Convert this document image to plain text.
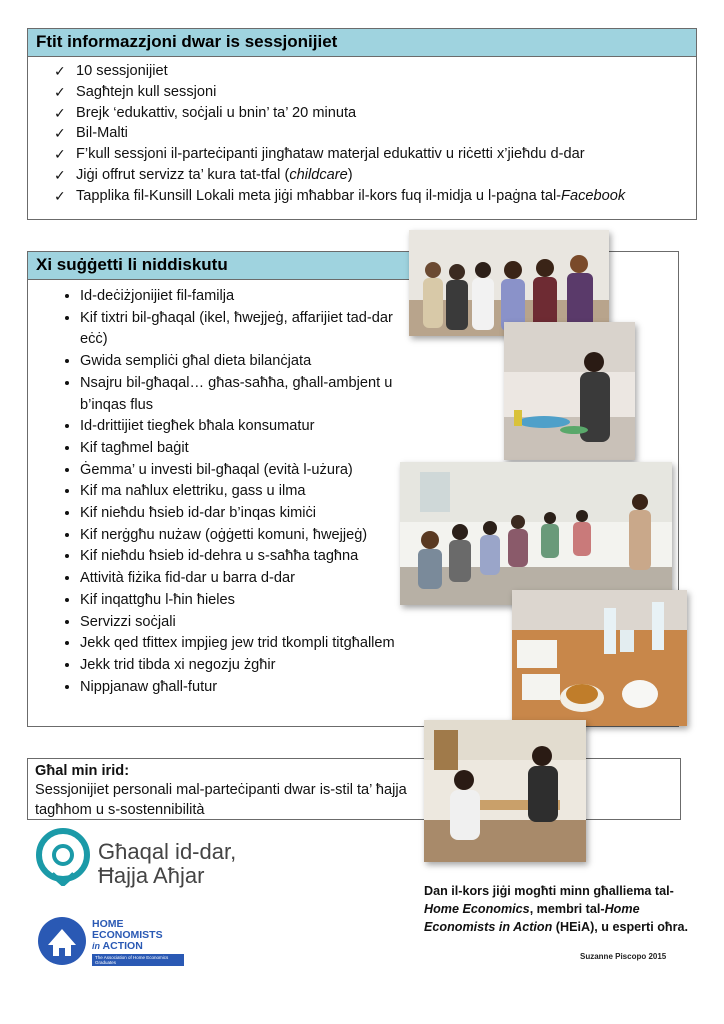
Ftit informazzjoni dwar is sessjonijiet
✓ 10 sessjonijiet
✓ Sagħtejn kull sessjoni
✓ Brejk ‘edukattiv, soċjali u bnin’ ta’ 20 minuta
✓ Bil-Malti
✓ F’kull sessjoni il-parteċipanti jingħataw materjal edukattiv u riċetti x’jieħdu d-dar
✓ Jiġi offrut servizz ta’ kura tat-tfal (childcare)
✓ Tapplika fil-Kunsill Lokali meta jiġi mħabbar il-kors fuq il-midja u l-paġna tal-Facebook
Xi suġġetti li niddiskutu
• Id-deċiżjonijiet fil-familja
• Kif tixtri bil-għaqal (ikel, ħwejjeġ, affarijiet tad-dar eċċ)
• Gwida sempliċi għal dieta bilanċjata
• Nsajru bil-għaqal… għas-saħħa, għall-ambjent u b’inqas flus
• Id-drittijiet tiegħek bħala konsumatur
• Kif tagħmel baġit
• Ġemma’ u investi bil-għaqal (evità l-użura)
• Kif ma naħlux elettriku, gass u ilma
• Kif nieħdu ħsieb id-dar b’inqas kimiċi
• Kif nerġgħu nużaw (oġġetti komuni, ħwejjeġ)
• Kif nieħdu ħsieb id-dehra u s-saħħa tagħna
• Attività fiżika fid-dar u barra d-dar
• Kif inqattgħu l-ħin ħieles
• Servizzi soċjali
• Jekk qed tfittex impjieg jew trid tkompli titgħallem
• Jekk trid tibda xi negozju żgħir
• Nippjanaw għall-futur
Għal min irid:
Sessjonijiet personali mal-parteċipanti dwar is-stil ta’ ħajja tagħhom u s-sostennibilità
Dan il-kors jiġi mogħti minn għalliema tal-Home Economics, membri tal-Home Economists in Action (HEiA), u esperti oħra.
Suzanne Piscopo 2015
Għaqal id-dar,
Ħajja Aħjar
HOME
ECONOMISTS
in ACTION
The Association of Home Economics Graduates
